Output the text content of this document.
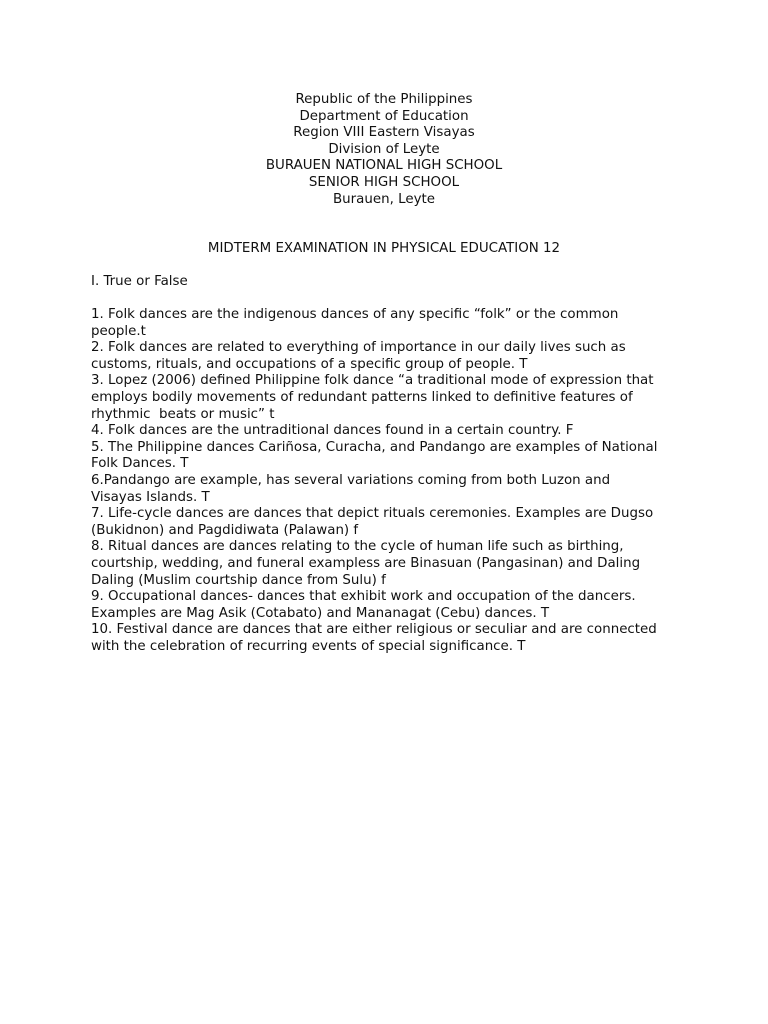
Republic of the Philippines
Department of Education
Region VIII Eastern Visayas
Division of Leyte
BURAUEN NATIONAL HIGH SCHOOL
SENIOR HIGH SCHOOL
Burauen, Leyte
MIDTERM EXAMINATION IN PHYSICAL EDUCATION 12
I. True or False
1. Folk dances are the indigenous dances of any specific “folk” or the common
people.t
2. Folk dances are related to everything of importance in our daily lives such as
customs, rituals, and occupations of a specific group of people. T
3. Lopez (2006) defined Philippine folk dance “a traditional mode of expression that
employs bodily movements of redundant patterns linked to definitive features of
rhythmic  beats or music” t
4. Folk dances are the untraditional dances found in a certain country. F
5. The Philippine dances Cariñosa, Curacha, and Pandango are examples of National
Folk Dances. T
6.Pandango are example, has several variations coming from both Luzon and
Visayas Islands. T
7. Life-cycle dances are dances that depict rituals ceremonies. Examples are Dugso
(Bukidnon) and Pagdidiwata (Palawan) f
8. Ritual dances are dances relating to the cycle of human life such as birthing,
courtship, wedding, and funeral exampless are Binasuan (Pangasinan) and Daling
Daling (Muslim courtship dance from Sulu) f
9. Occupational dances- dances that exhibit work and occupation of the dancers.
Examples are Mag Asik (Cotabato) and Mananagat (Cebu) dances. T
10. Festival dance are dances that are either religious or seculiar and are connected
with the celebration of recurring events of special significance. T
